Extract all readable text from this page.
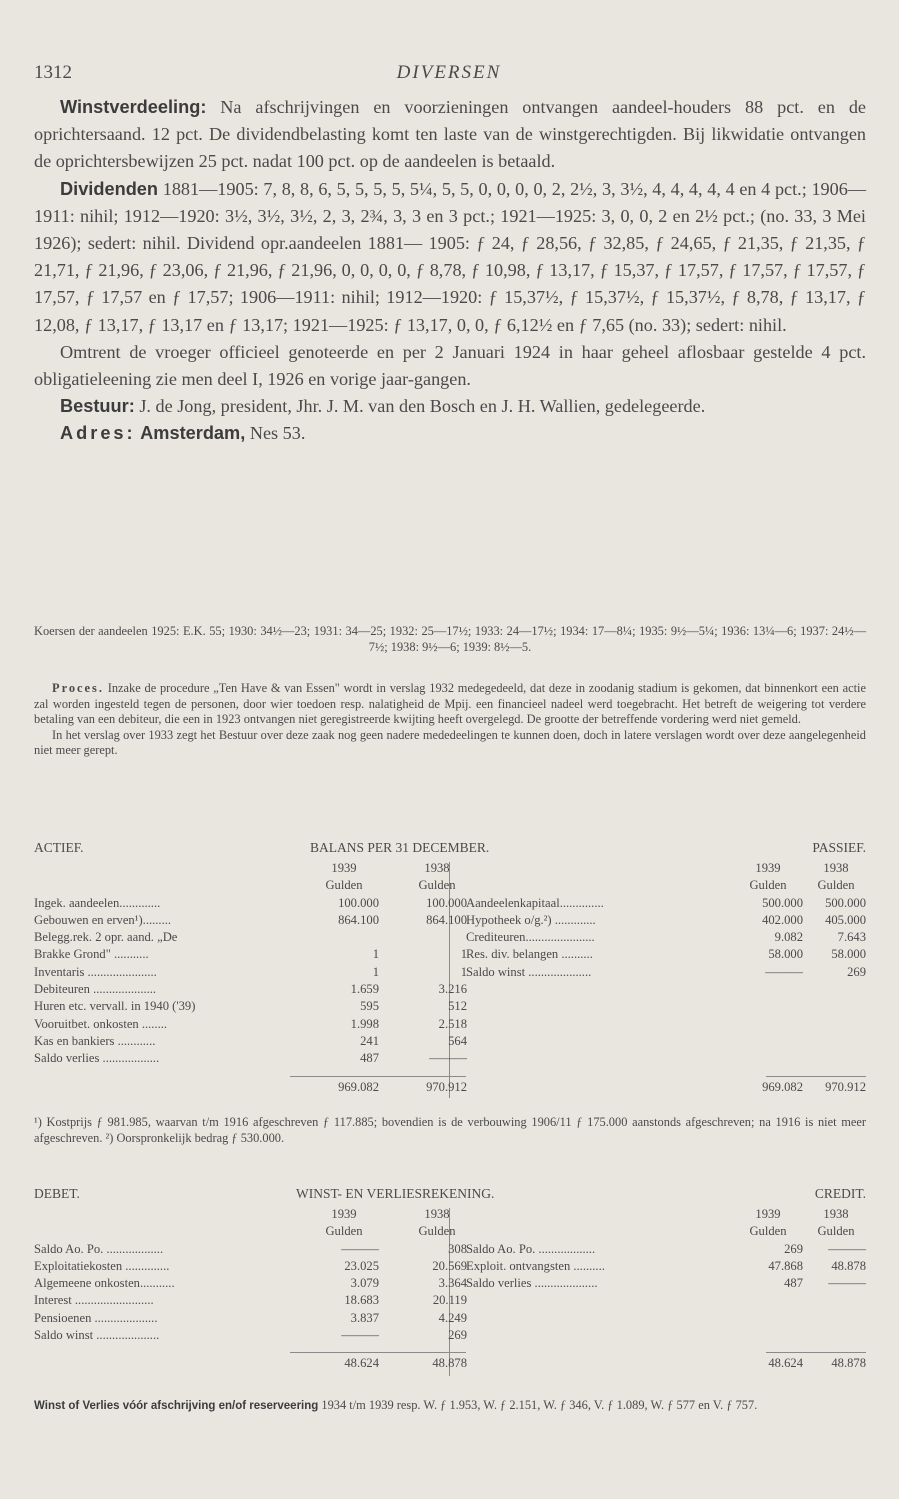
1312	DIVERSEN

Winstverdeeling: Na afschrijvingen en voorzieningen ontvangen aandeel-houders 88 pct. en de oprichtersaand. 12 pct. De dividendbelasting komt ten laste van de winstgerechtigden. Bij likwidatie ontvangen de oprichtersbewijzen 25 pct. nadat 100 pct. op de aandeelen is betaald.

Dividenden 1881—1905: 7, 8, 8, 6, 5, 5, 5, 5, 5¼, 5, 5, 0, 0, 0, 0, 2, 2½, 3, 3½, 4, 4, 4, 4, 4 en 4 pct.; 1906—1911: nihil; 1912—1920: 3½, 3½, 3½, 2, 3, 2¾, 3, 3 en 3 pct.; 1921—1925: 3, 0, 0, 2 en 2½ pct.; (no. 33, 3 Mei 1926); sedert: nihil. Dividend opr.aandeelen 1881— 1905: ƒ 24, ƒ 28,56, ƒ 32,85, ƒ 24,65, ƒ 21,35, ƒ 21,35, ƒ 21,71, ƒ 21,96, ƒ 23,06, ƒ 21,96, ƒ 21,96, 0, 0, 0, 0, ƒ 8,78, ƒ 10,98, ƒ 13,17, ƒ 15,37, ƒ 17,57, ƒ 17,57, ƒ 17,57, ƒ 17,57, ƒ 17,57 en ƒ 17,57; 1906—1911: nihil; 1912—1920: ƒ 15,37½, ƒ 15,37½, ƒ 15,37½, ƒ 8,78, ƒ 13,17, ƒ 12,08, ƒ 13,17, ƒ 13,17 en ƒ 13,17; 1921—1925: ƒ 13,17, 0, 0, ƒ 6,12½ en ƒ 7,65 (no. 33); sedert: nihil.

Omtrent de vroeger officieel genoteerde en per 2 Januari 1924 in haar geheel aflosbaar gestelde 4 pct. obligatieleening zie men deel I, 1926 en vorige jaar-gangen.

Bestuur: J. de Jong, president, Jhr. J. M. van den Bosch en J. H. Wallien, gedelegeerde.

Adres: Amsterdam, Nes 53.

Koersen der aandeelen 1925: E.K. 55; 1930: 34½—23; 1931: 34—25; 1932: 25—17½; 1933: 24—17½; 1934: 17—8¼; 1935: 9½—5¼; 1936: 13¼—6; 1937: 24½—7½; 1938: 9½—6; 1939: 8½—5.

Proces. Inzake de procedure „Ten Have & van Essen" wordt in verslag 1932 medegedeeld, dat deze in zoodanig stadium is gekomen, dat binnenkort een actie zal worden ingesteld tegen de personen, door wier toedoen resp. nalatigheid de Mpij. een financieel nadeel werd toegebracht. Het betreft de weigering tot verdere betaling van een debiteur, die een in 1923 ontvangen niet geregistreerde kwijting heeft overgelegd. De grootte der betreffende vordering werd niet gemeld.

In het verslag over 1933 zegt het Bestuur over deze zaak nog geen nadere mededeelingen te kunnen doen, doch in latere verslagen wordt over deze aangelegenheid niet meer gerept.

ACTIEF.	BALANS PER 31 DECEMBER.	PASSIEF.
1939	1938
Gulden	Gulden
Ingek. aandeelen.............	100.000	100.000
Gebouwen en erven¹).........	864.100	864.100
Belegg.rek. 2 opr. aand. „De
Brakke Grond" ...........	1	1
Inventaris ......................	1	1
Debiteuren ....................	1.659	3.216
Huren etc. vervall. in 1940 ('39)	595	512
Vooruitbet. onkosten ........	1.998	2.518
Kas en bankiers ............	241	564
Saldo verlies ..................	487	———
969.082	970.912
1939	1938
Gulden	Gulden
Aandeelenkapitaal..............	500.000	500.000
Hypotheek o/g.²) .............	402.000	405.000
Crediteuren......................	9.082	7.643
Res. div. belangen ..........	58.000	58.000
Saldo winst ....................	———	269
969.082	970.912
¹) Kostprijs ƒ 981.985, waarvan t/m 1916 afgeschreven ƒ 117.885; bovendien is de verbouwing 1906/11 ƒ 175.000 aanstonds afgeschreven; na 1916 is niet meer afgeschreven. ²) Oorspronkelijk bedrag ƒ 530.000.
DEBET.	WINST- EN VERLIESREKENING.	CREDIT.
1939	1938
Gulden	Gulden
Saldo Ao. Po. ..................	———	308
Exploitatiekosten ..............	23.025	20.569
Algemeene onkosten...........	3.079	3.364
Interest .........................	18.683	20.119
Pensioenen ....................	3.837	4.249
Saldo winst ....................	———	269
48.624	48.878
1939	1938
Gulden	Gulden
Saldo Ao. Po. ..................	269	———
Exploit. ontvangsten ..........	47.868	48.878
Saldo verlies ....................	487	———
48.624	48.878
Winst of Verlies vóór afschrijving en/of reserveering 1934 t/m 1939 resp. W. ƒ 1.953, W. ƒ 2.151, W. ƒ 346, V. ƒ 1.089, W. ƒ 577 en V. ƒ 757.
